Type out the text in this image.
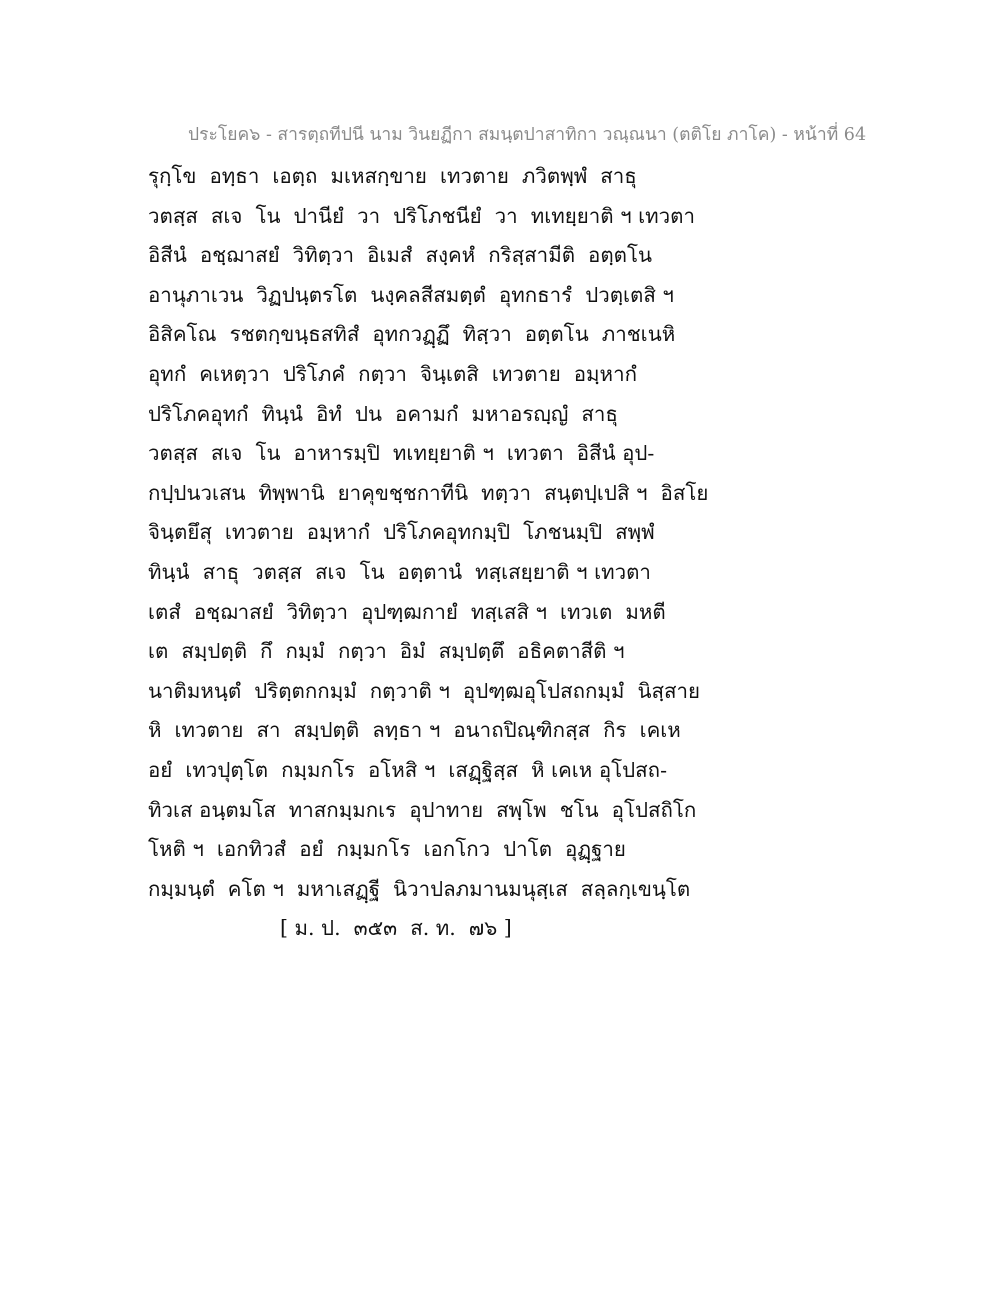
ประโยค๖ - สารตฺถทีปนี นาม วินยฏีกา สมนฺตปาสาทิกา วณฺณนา (ตติโย ภาโค) - หน้าที่ 64
รุกฺโข  อทฺธา  เอตฺถ  มเหสกฺขาย  เทวตาย  ภวิตพฺพํ  สาธุ
วตสฺส  สเจ  โน  ปานียํ  วา  ปริโภชนียํ  วา  ทเทยฺยาติ ฯ เทวตา
อิสีนํ  อชฺฌาสยํ  วิทิตฺวา  อิเมสํ  สงฺคหํ  กริสฺสามีติ  อตฺตโน
อานุภาเวน  วิฏปนฺตรโต  นงฺคลสีสมตฺตํ  อุทกธารํ  ปวตฺเตสิ ฯ
อิสิคโณ  รชตกฺขนฺธสทิสํ  อุทกวฏฺฏึ  ทิสฺวา  อตฺตโน  ภาชเนหิ
อุทกํ  คเหตฺวา  ปริโภคํ  กตฺวา  จินฺเตสิ  เทวตาย  อมฺหากํ
ปริโภคอุทกํ  ทินฺนํ  อิทํ  ปน  อคามกํ  มหาอรญฺญํ  สาธุ
วตสฺส  สเจ  โน  อาหารมฺปิ  ทเทยฺยาติ ฯ  เทวตา  อิสีนํ อุป-
กปฺปนวเสน  ทิพฺพานิ  ยาคุขชฺชกาทีนิ  ทตฺวา  สนฺตปฺเปสิ ฯ  อิสโย
จินฺตยึสุ  เทวตาย  อมฺหากํ  ปริโภคอุทกมฺปิ  โภชนมฺปิ  สพฺพํ
ทินฺนํ  สาธุ  วตสฺส  สเจ  โน  อตฺตานํ  ทสฺเสยฺยาติ ฯ เทวตา
เตสํ  อชฺฌาสยํ  วิทิตฺวา  อุปฑฺฒกายํ  ทสฺเสสิ ฯ  เทวเต  มหตี
เต  สมฺปตฺติ  กึ  กมฺมํ  กตฺวา  อิมํ  สมฺปตฺตึ  อธิคตาสีติ ฯ
นาติมหนฺตํ  ปริตฺตกกมฺมํ  กตฺวาติ ฯ  อุปฑฺฒอุโปสถกมฺมํ  นิสฺสาย
หิ  เทวตาย  สา  สมฺปตฺติ  ลทฺธา ฯ  อนาถปิณฺฑิกสฺส  กิร  เคเห
อยํ  เทวปุตฺโต  กมฺมกโร  อโหสิ ฯ  เสฏฺฐิสฺส  หิ เคเห อุโปสถ-
ทิวเส อนฺตมโส  ทาสกมฺมกเร  อุปาทาย  สพฺโพ  ชโน  อุโปสถิโก
โหติ ฯ  เอกทิวสํ  อยํ  กมฺมกโร  เอกโกว  ปาโต  อุฏฺฐาย
กมฺมนฺตํ  คโต ฯ  มหาเสฏฺฐี  นิวาปลภมานมนุสฺเส  สลฺลกฺเขนฺโต
[ ม. ป.  ๓๕๓  ส. ท.  ๗๖ ]
